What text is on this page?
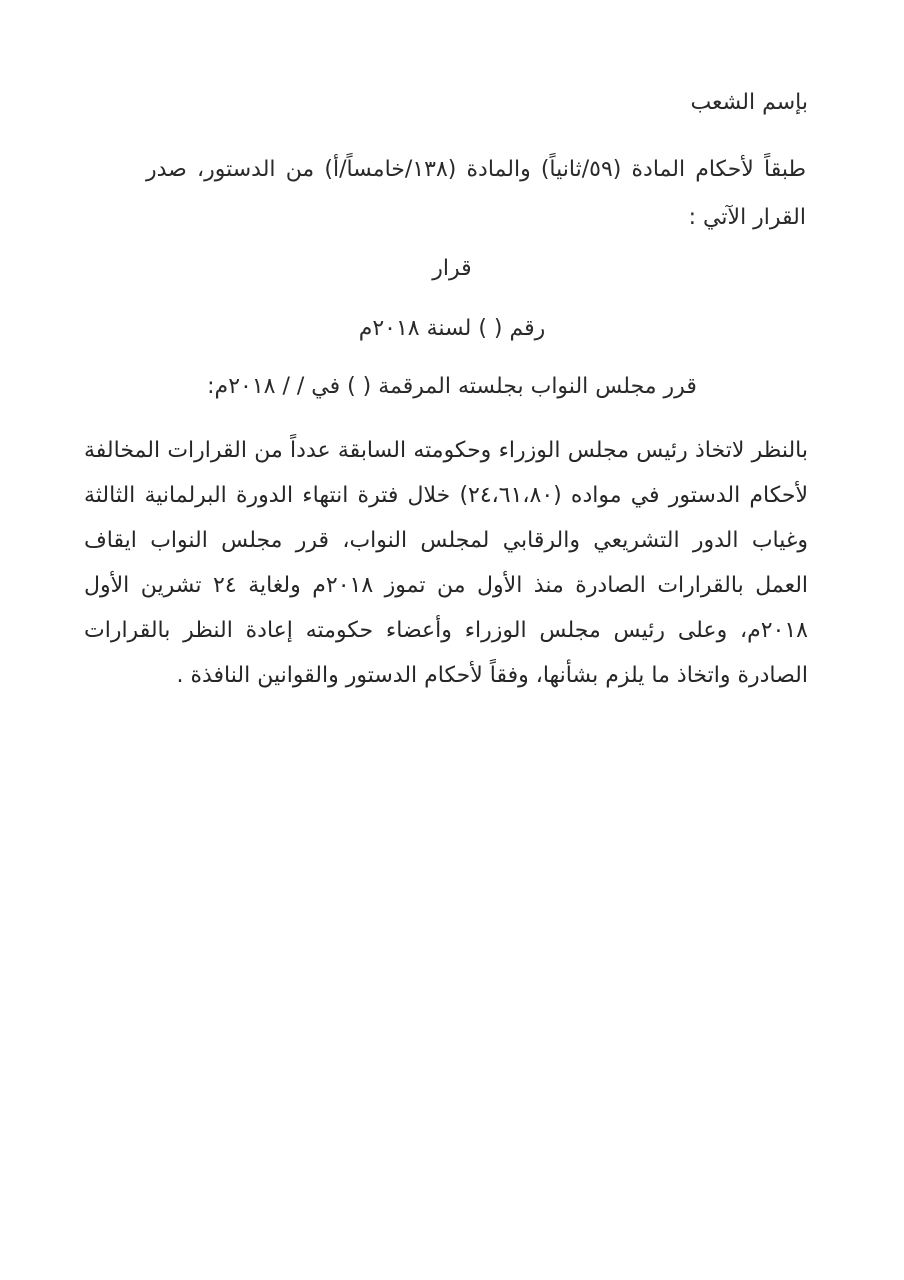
بإسم الشعب
طبقاً لأحكام المادة (٥٩/ثانياً) والمادة (١٣٨/خامساً/أ) من الدستور، صدر القرار الآتي :
قرار
رقم ( ) لسنة ٢٠١٨م
قرر مجلس النواب بجلسته المرقمة ( ) في / / ٢٠١٨م:
بالنظر لاتخاذ رئيس مجلس الوزراء وحكومته السابقة عدداً من القرارات المخالفة لأحكام الدستور في مواده (٢٤،٦١،٨٠) خلال فترة انتهاء الدورة البرلمانية الثالثة وغياب الدور التشريعي والرقابي لمجلس النواب، قرر مجلس النواب ايقاف العمل بالقرارات الصادرة منذ الأول من تموز ٢٠١٨م ولغاية ٢٤ تشرين الأول ٢٠١٨م، وعلى رئيس مجلس الوزراء وأعضاء حكومته إعادة النظر بالقرارات الصادرة واتخاذ ما يلزم بشأنها، وفقاً لأحكام الدستور والقوانين النافذة .
